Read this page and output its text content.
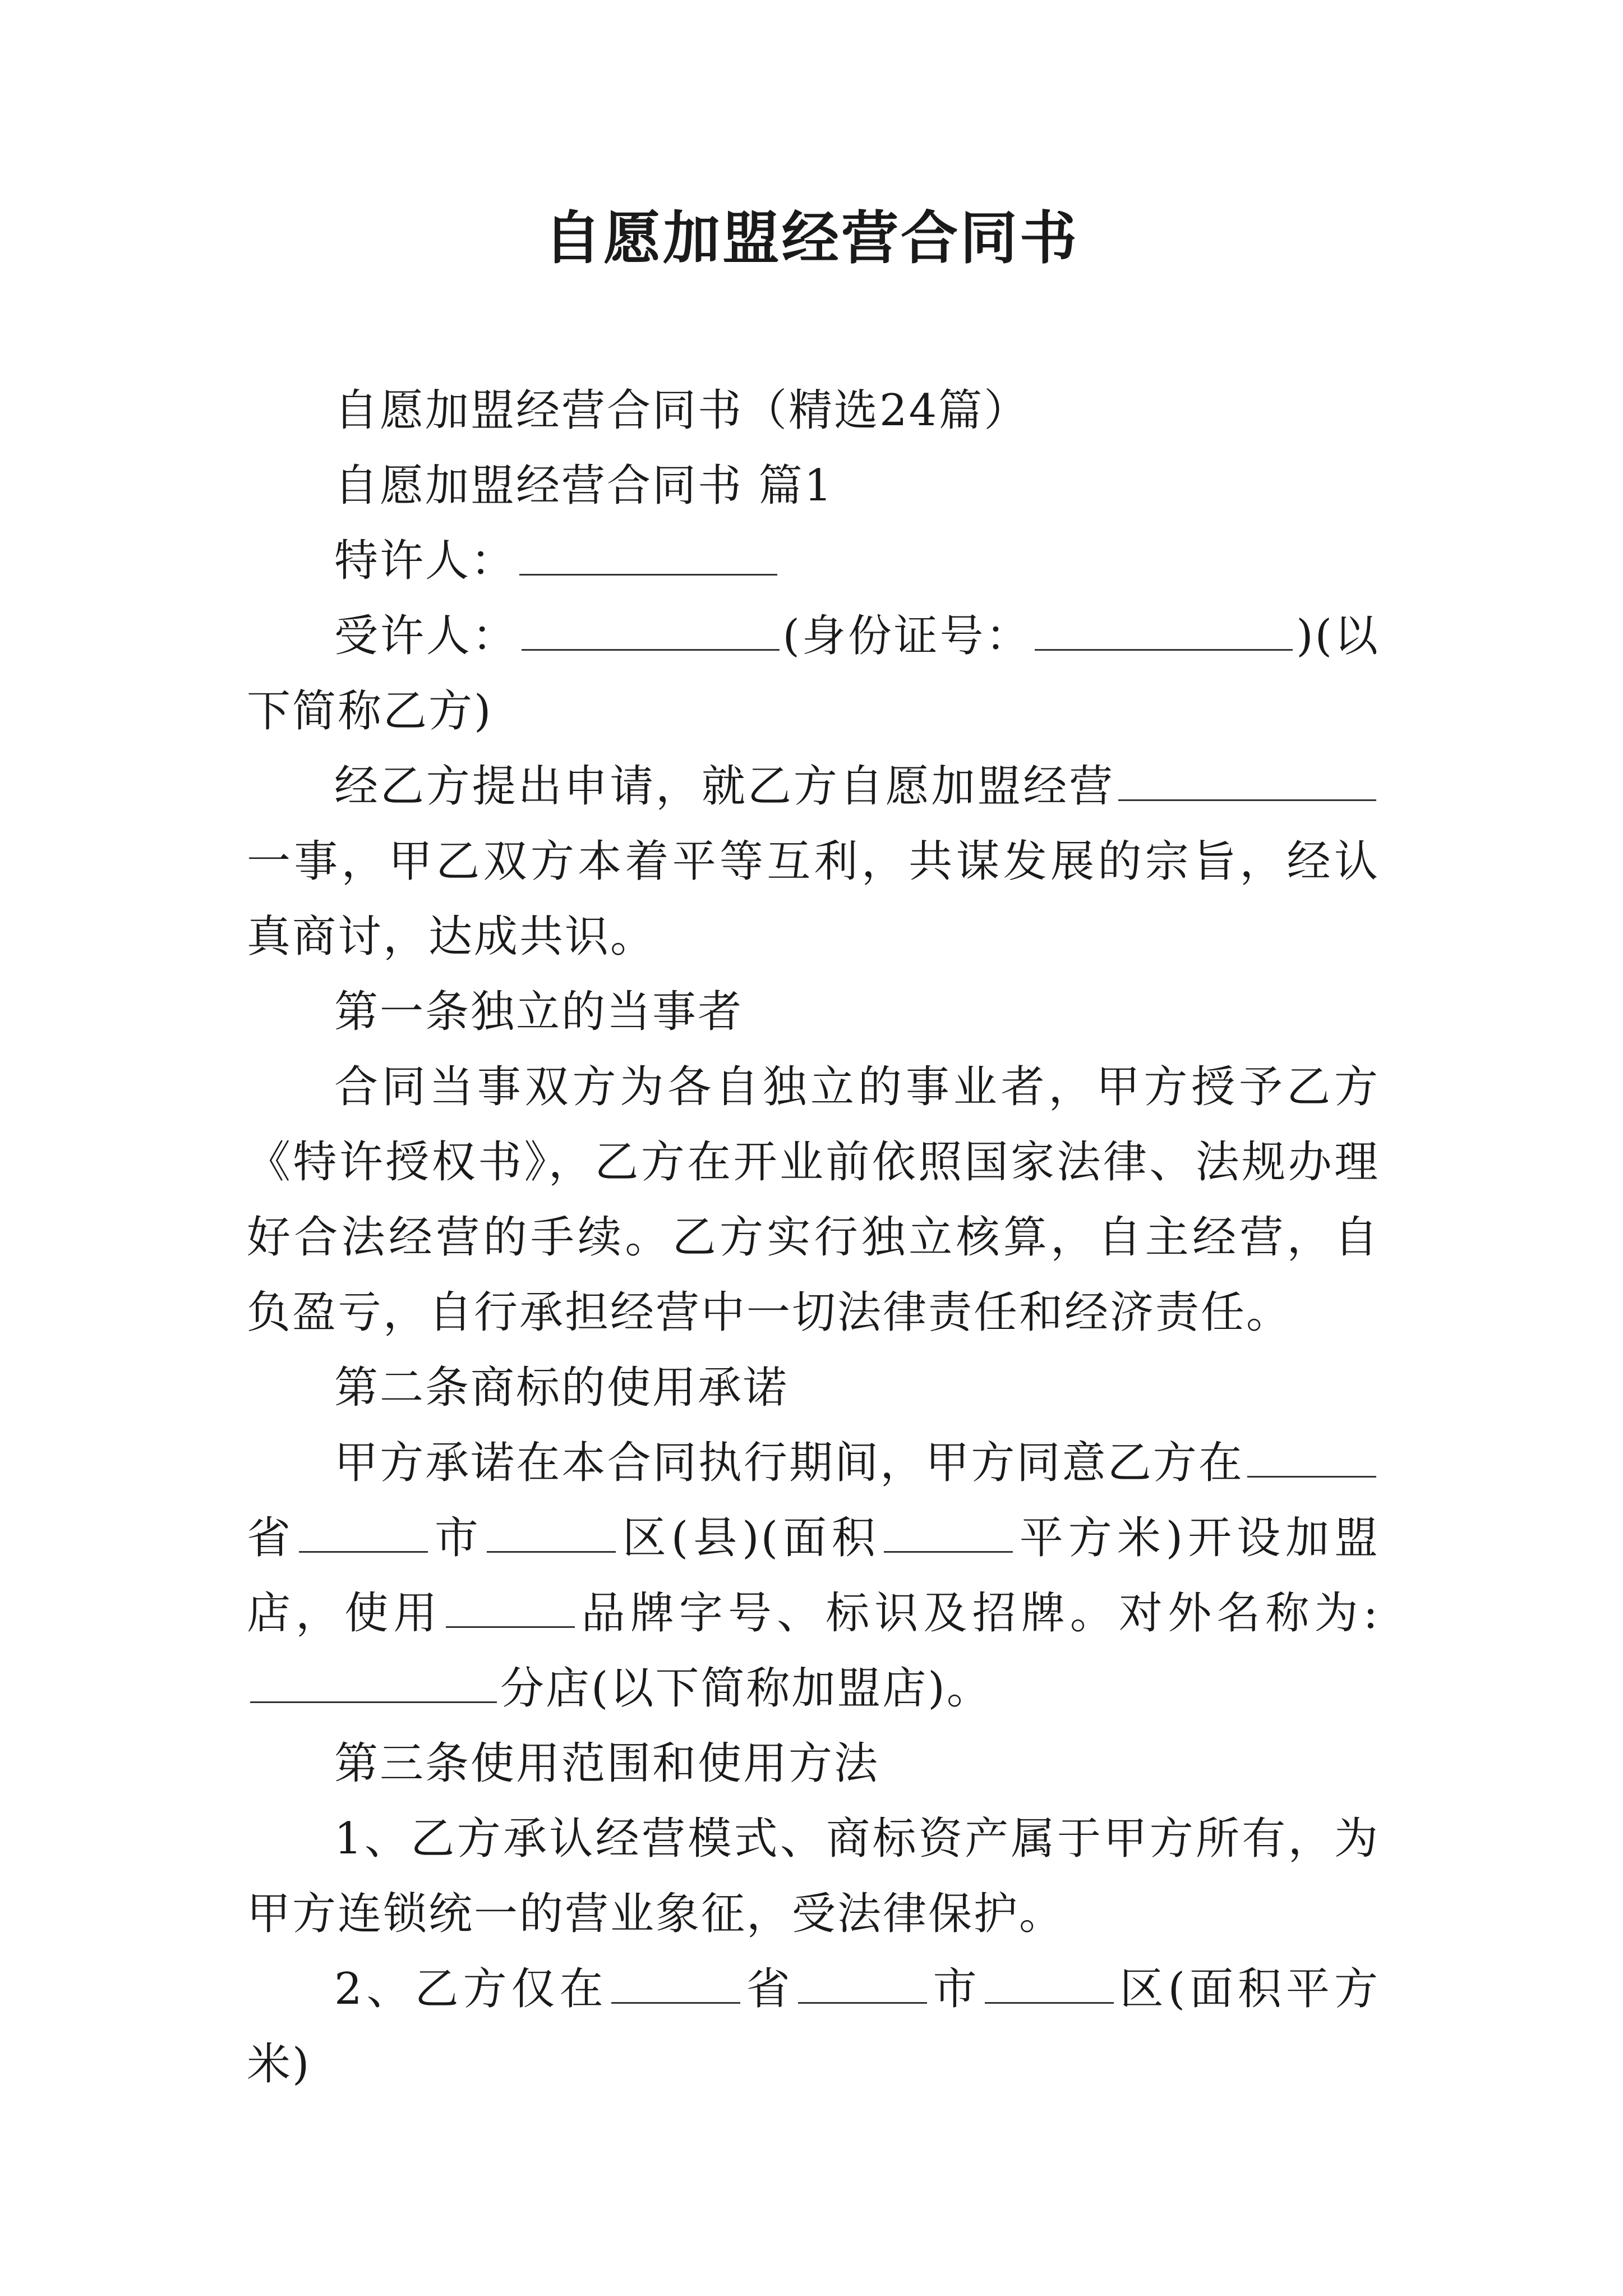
自愿加盟经营合同书

自愿加盟经营合同书（精选24篇）

自愿加盟经营合同书 篇1

特许人：

受许人：	(身份证号：	)(以下简称乙方)

经乙方提出申请，就乙方自愿加盟经营一事，甲乙双方本着平等互利，共谋发展的宗旨，经认真商讨，达成共识。

第一条独立的当事者

合同当事双方为各自独立的事业者，甲方授予乙方《特许授权书》，乙方在开业前依照国家法律、法规办理好合法经营的手续。乙方实行独立核算，自主经营，自负盈亏，自行承担经营中一切法律责任和经济责任。

第二条商标的使用承诺

甲方承诺在本合同执行期间，甲方同意乙方在省	市	区(县)(面积	平方米)开设加盟店，使用	品牌字号、标识及招牌。对外名称为:分店(以下简称加盟店)。

第三条使用范围和使用方法

1、乙方承认经营模式、商标资产属于甲方所有，为甲方连锁统一的营业象征，受法律保护。

2、乙方仅在	省	市	区(面积平方米)
